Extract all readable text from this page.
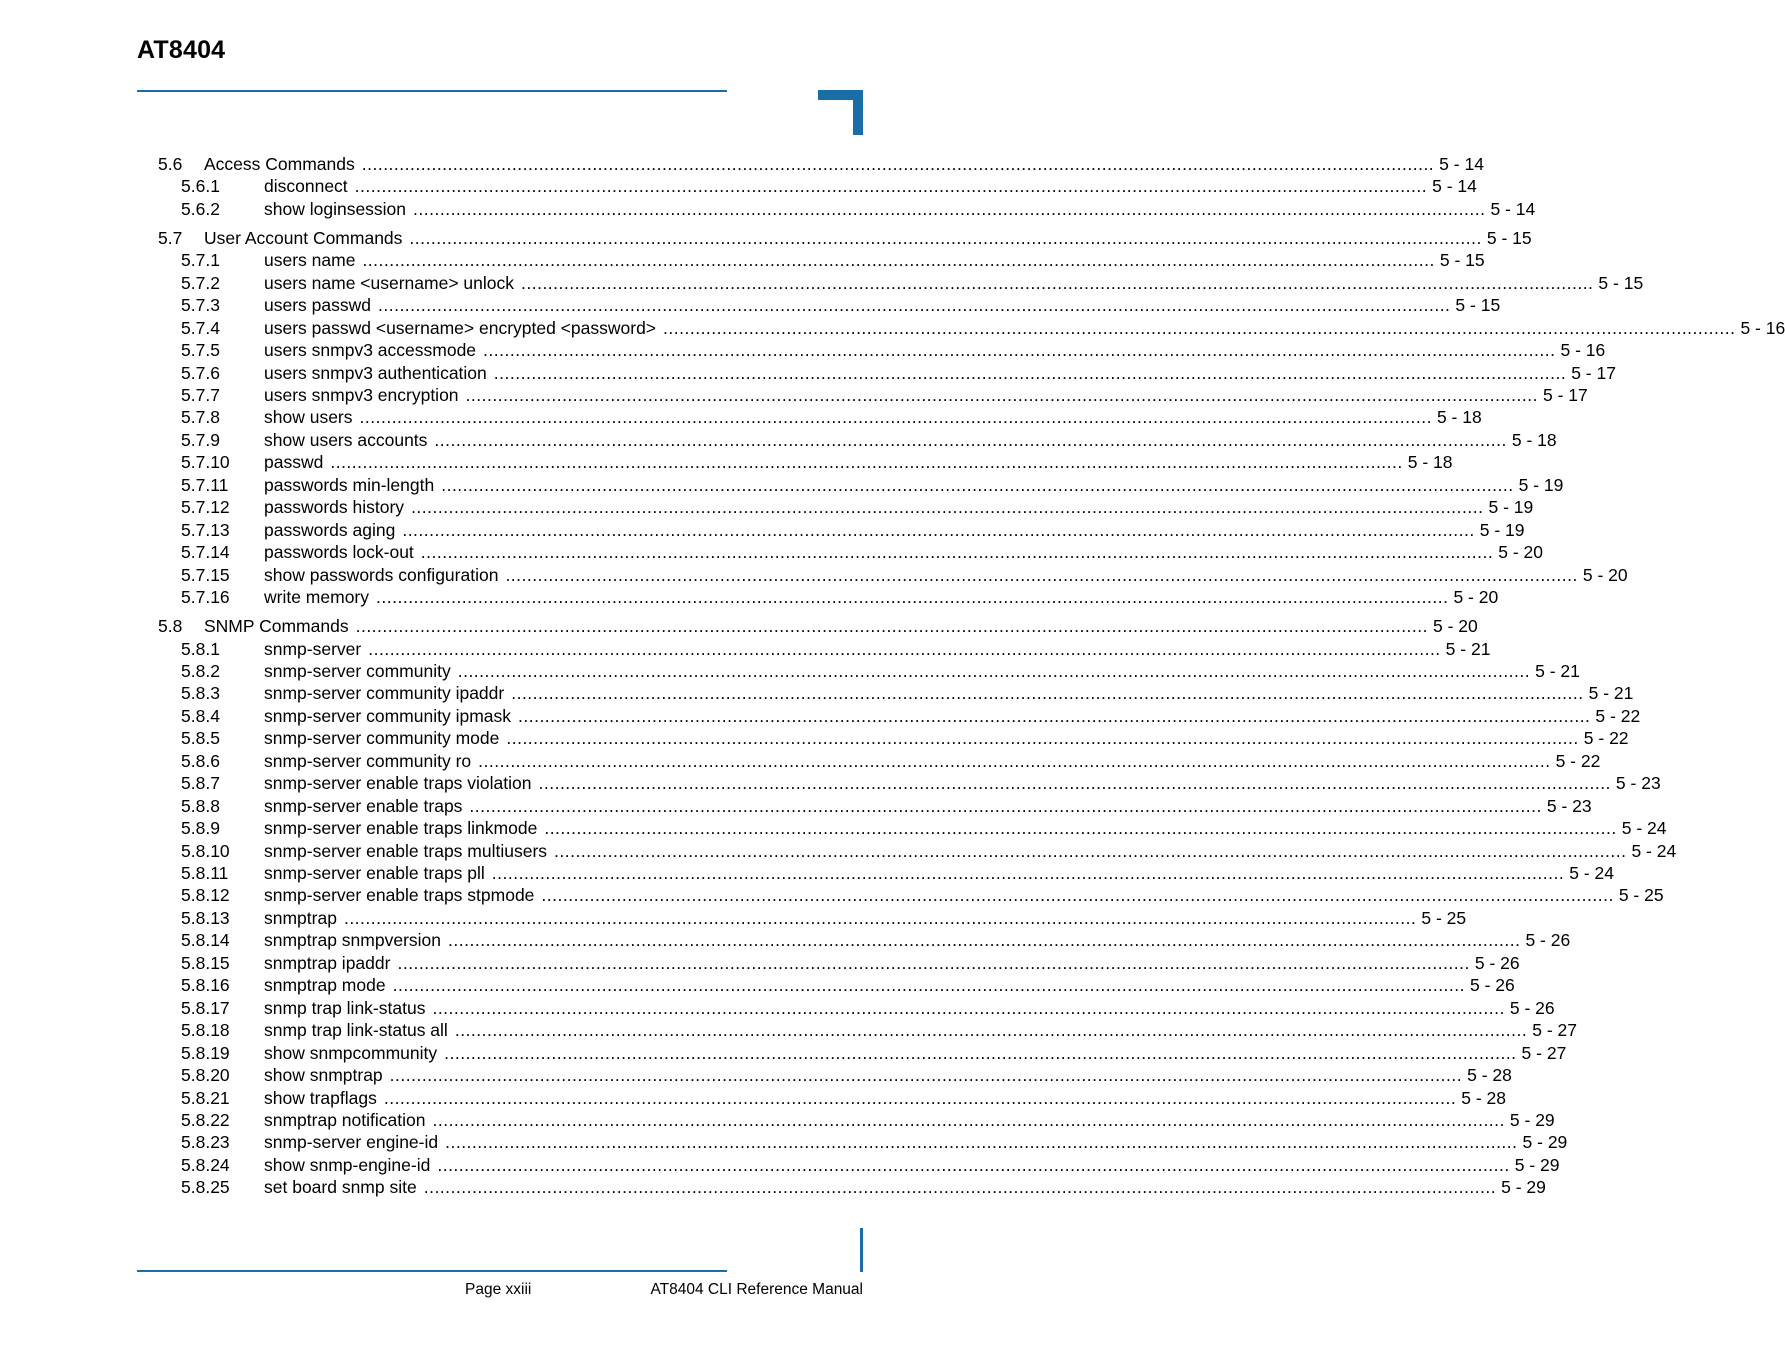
AT8404
5.6 Access Commands ........................................................................................................................................................................................................ 5 - 14
5.6.1	disconnect ........................................................................................................................................................................................................ 5 - 14
5.6.2	show loginsession ........................................................................................................................................................................................................ 5 - 14
5.7 User Account Commands ........................................................................................................................................................................................................ 5 - 15
5.7.1	users name ........................................................................................................................................................................................................ 5 - 15
5.7.2	users name <username> unlock ........................................................................................................................................................................................................ 5 - 15
5.7.3	users passwd ........................................................................................................................................................................................................ 5 - 15
5.7.4	users passwd <username> encrypted <password> ........................................................................................................................................................................................................ 5 - 16
5.7.5	users snmpv3 accessmode ........................................................................................................................................................................................................ 5 - 16
5.7.6	users snmpv3 authentication ........................................................................................................................................................................................................ 5 - 17
5.7.7	users snmpv3 encryption ........................................................................................................................................................................................................ 5 - 17
5.7.8	show users ........................................................................................................................................................................................................ 5 - 18
5.7.9	show users accounts ........................................................................................................................................................................................................ 5 - 18
5.7.10 passwd ........................................................................................................................................................................................................ 5 - 18
5.7.11 passwords min-length ........................................................................................................................................................................................................ 5 - 19
5.7.12 passwords history ........................................................................................................................................................................................................ 5 - 19
5.7.13 passwords aging ........................................................................................................................................................................................................ 5 - 19
5.7.14 passwords lock-out ........................................................................................................................................................................................................ 5 - 20
5.7.15 show passwords configuration ........................................................................................................................................................................................................ 5 - 20
5.7.16 write memory ........................................................................................................................................................................................................ 5 - 20
5.8 SNMP Commands ........................................................................................................................................................................................................ 5 - 20
5.8.1	snmp-server ........................................................................................................................................................................................................ 5 - 21
5.8.2	snmp-server community ........................................................................................................................................................................................................ 5 - 21
5.8.3	snmp-server community ipaddr ........................................................................................................................................................................................................ 5 - 21
5.8.4	snmp-server community ipmask ........................................................................................................................................................................................................ 5 - 22
5.8.5	snmp-server community mode ........................................................................................................................................................................................................ 5 - 22
5.8.6	snmp-server community ro ........................................................................................................................................................................................................ 5 - 22
5.8.7	snmp-server enable traps violation ........................................................................................................................................................................................................ 5 - 23
5.8.8	snmp-server enable traps ........................................................................................................................................................................................................ 5 - 23
5.8.9	snmp-server enable traps linkmode ........................................................................................................................................................................................................ 5 - 24
5.8.10 snmp-server enable traps multiusers ........................................................................................................................................................................................................ 5 - 24
5.8.11 snmp-server enable traps pll ........................................................................................................................................................................................................ 5 - 24
5.8.12 snmp-server enable traps stpmode ........................................................................................................................................................................................................ 5 - 25
5.8.13 snmptrap ........................................................................................................................................................................................................ 5 - 25
5.8.14 snmptrap snmpversion ........................................................................................................................................................................................................ 5 - 26
5.8.15 snmptrap ipaddr ........................................................................................................................................................................................................ 5 - 26
5.8.16 snmptrap mode ........................................................................................................................................................................................................ 5 - 26
5.8.17 snmp trap link-status ........................................................................................................................................................................................................ 5 - 26
5.8.18 snmp trap link-status all ........................................................................................................................................................................................................ 5 - 27
5.8.19 show snmpcommunity ........................................................................................................................................................................................................ 5 - 27
5.8.20 show snmptrap ........................................................................................................................................................................................................ 5 - 28
5.8.21 show trapflags ........................................................................................................................................................................................................ 5 - 28
5.8.22 snmptrap notification ........................................................................................................................................................................................................ 5 - 29
5.8.23 snmp-server engine-id ........................................................................................................................................................................................................ 5 - 29
5.8.24 show snmp-engine-id ........................................................................................................................................................................................................ 5 - 29
5.8.25 set board snmp site ........................................................................................................................................................................................................ 5 - 29
Page xxiii	AT8404 CLI Reference Manual
